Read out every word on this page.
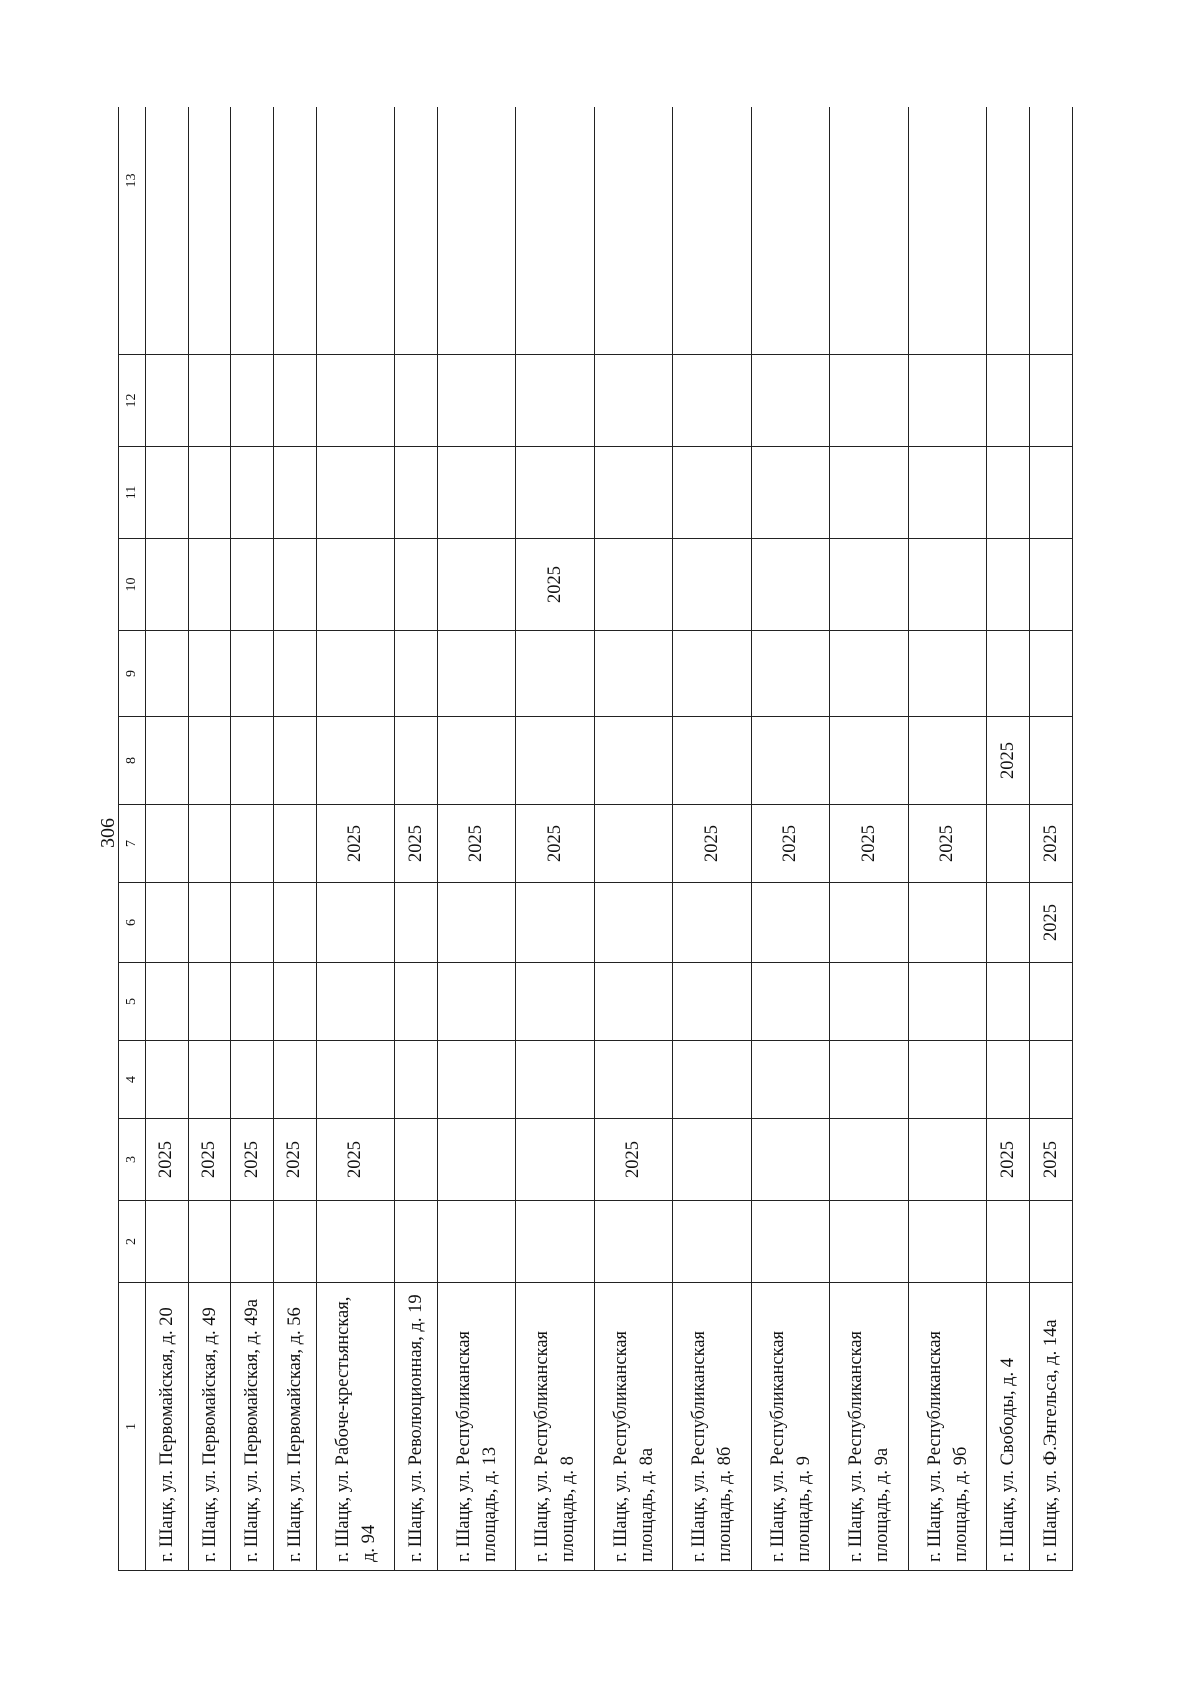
306
1	2	3	4	5	6	7	8	9	10	11	12	13

г. Шацк, ул. Первомайская, д. 20		2025										

г. Шацк, ул. Первомайская, д. 49		2025										

г. Шацк, ул. Первомайская, д. 49а		2025										

г. Шацк, ул. Первомайская, д. 56		2025										

г. Шацк, ул. Рабоче-крестьянская, д. 94		2025				2025						

г. Шацк, ул. Революционная, д. 19						2025						

г. Шацк, ул. Республиканская площадь, д. 13						2025						

г. Шацк, ул. Республиканская площадь, д. 8						2025			2025			

г. Шацк, ул. Республиканская площадь, д. 8а		2025										

г. Шацк, ул. Республиканская площадь, д. 8б						2025						

г. Шацк, ул. Республиканская площадь, д. 9						2025						

г. Шацк, ул. Республиканская площадь, д. 9а						2025						

г. Шацк, ул. Республиканская площадь, д. 9б						2025						

г. Шацк, ул. Свободы, д. 4		2025					2025					

г. Шацк, ул. Ф.Энгельса, д. 14а		2025			2025	2025						
